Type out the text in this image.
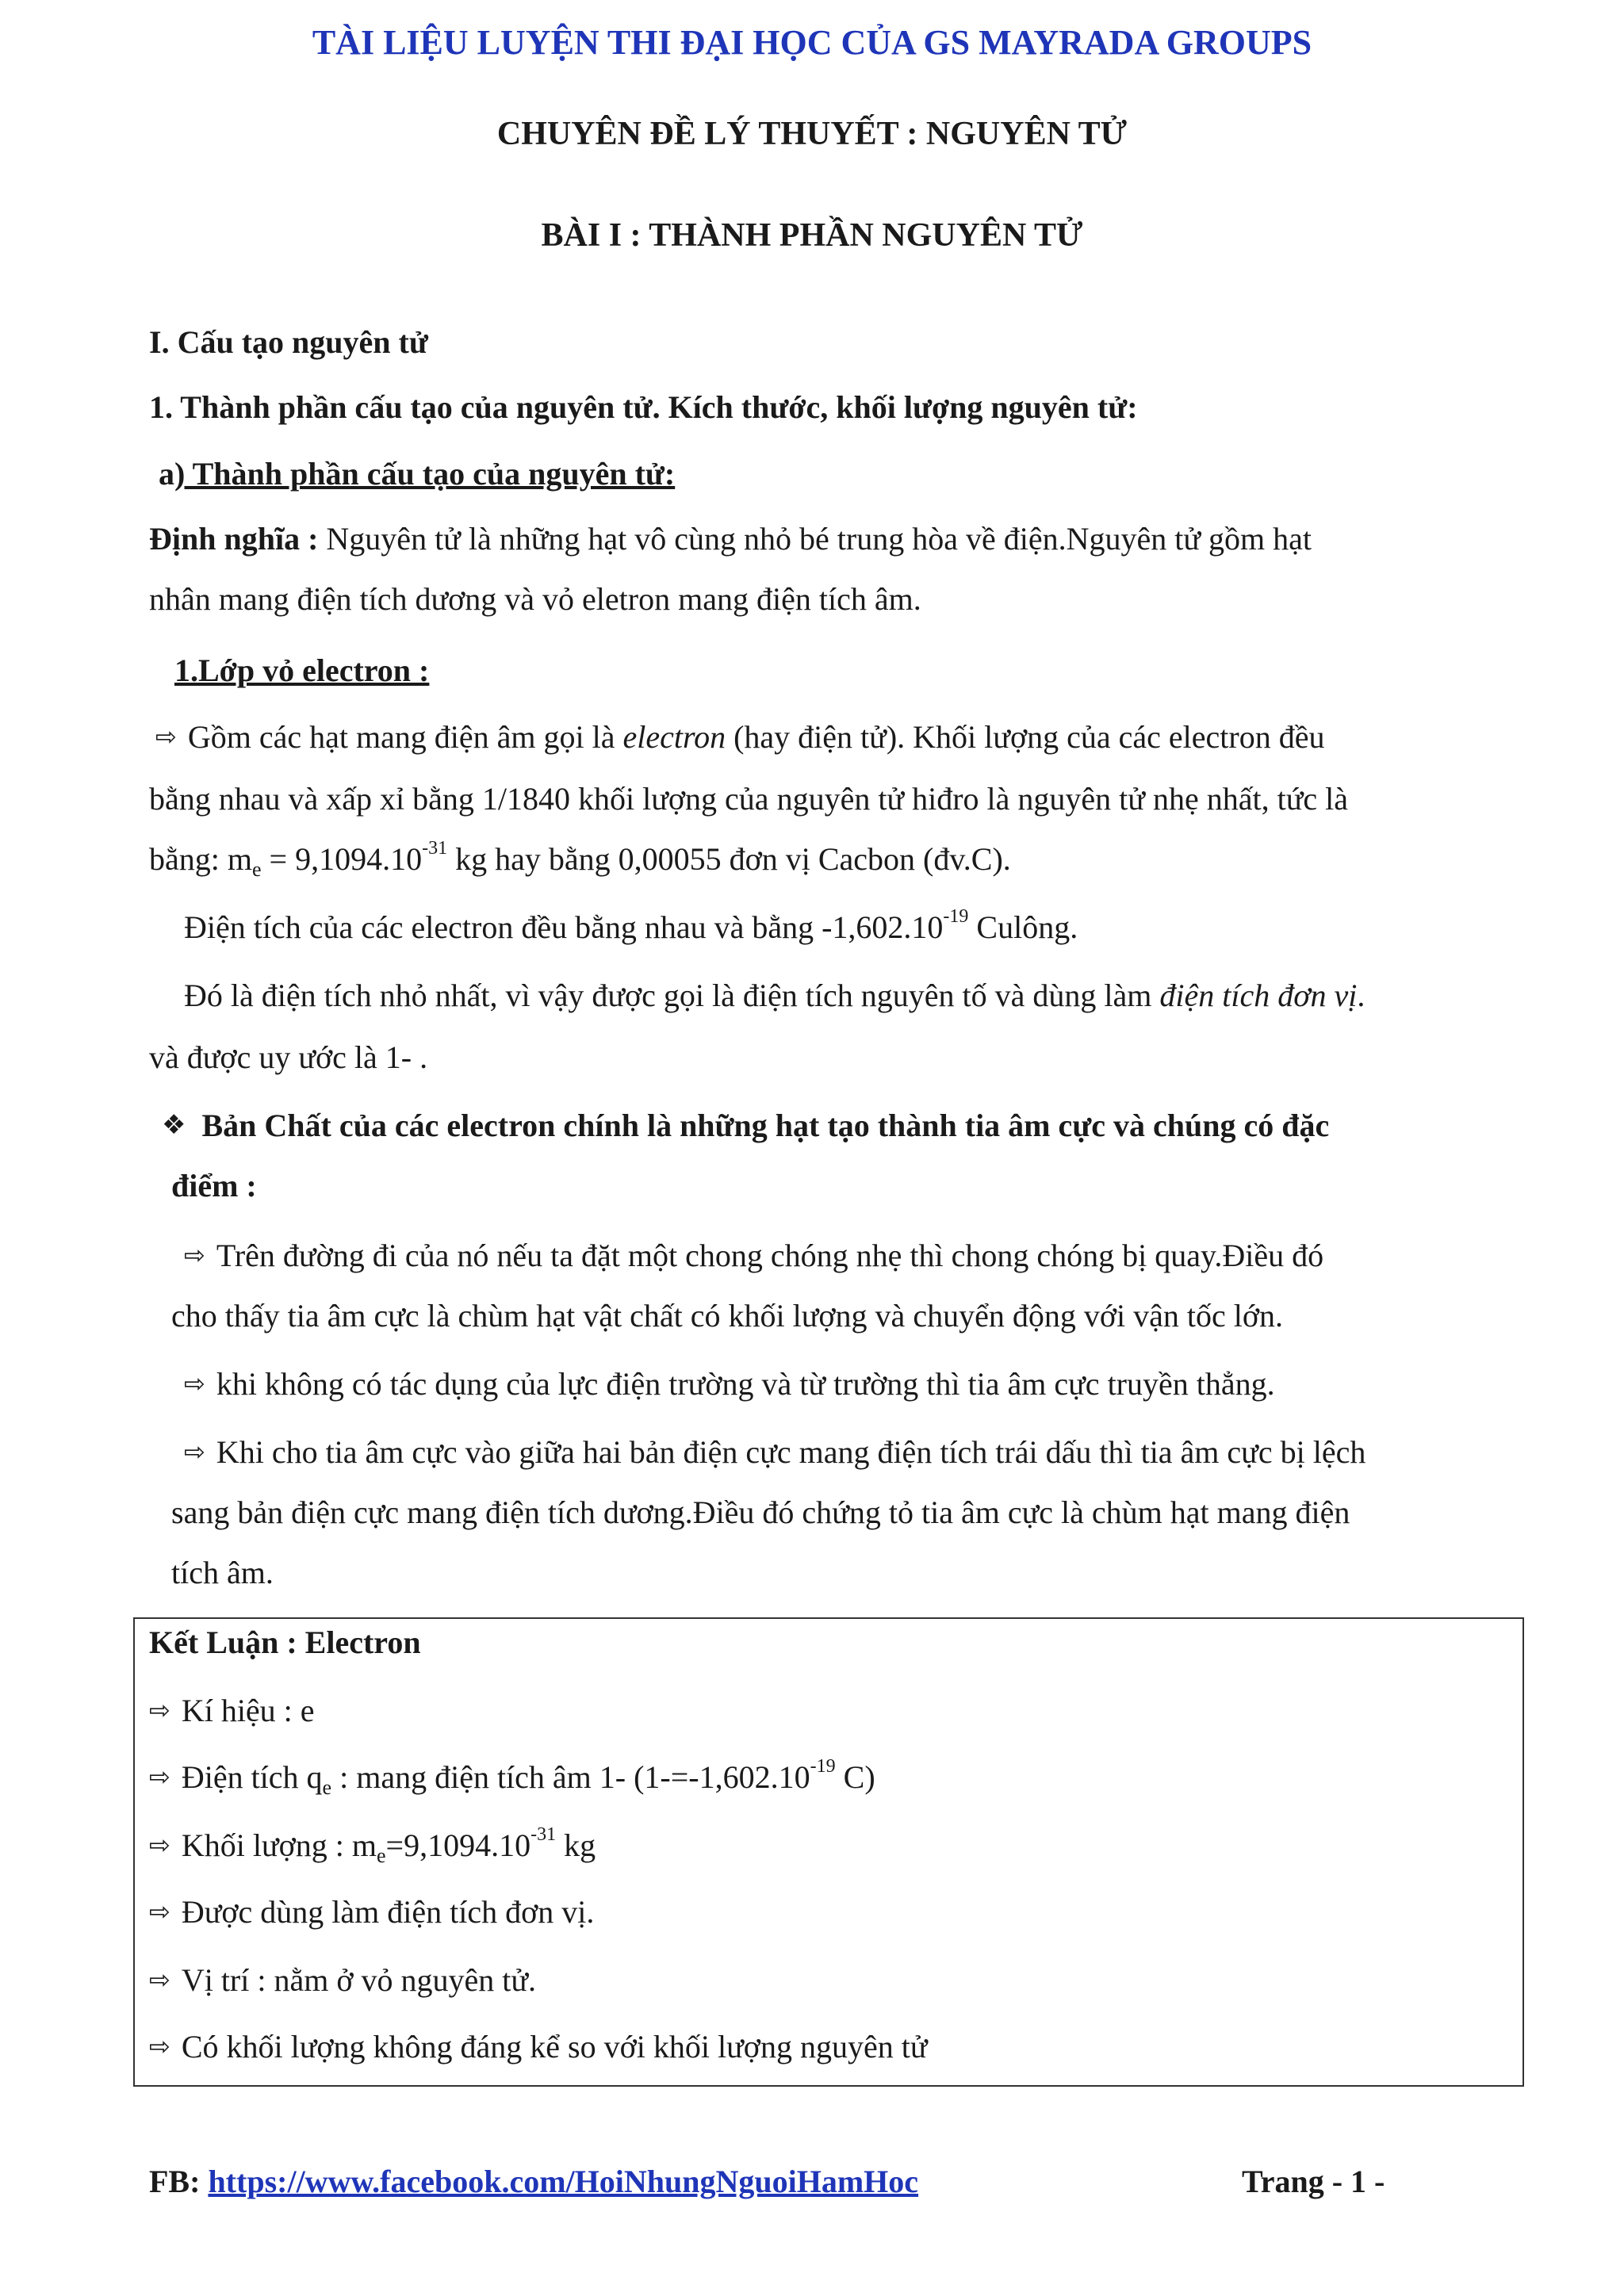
TÀI LIỆU LUYỆN THI ĐẠI HỌC CỦA GS MAYRADA GROUPS
CHUYÊN ĐỀ LÝ THUYẾT : NGUYÊN TỬ
BÀI I : THÀNH PHẦN NGUYÊN TỬ
I. Cấu tạo nguyên tử
1. Thành phần cấu tạo của nguyên tử. Kích thước, khối lượng nguyên tử:
a) Thành phần cấu tạo của nguyên tử:
Định nghĩa : Nguyên tử là những hạt vô cùng nhỏ bé trung hòa về điện.Nguyên tử gồm hạt
nhân mang điện tích dương và vỏ eletron mang điện tích âm.
1.Lớp vỏ electron :
⇨ Gồm các hạt mang điện âm gọi là electron (hay điện tử). Khối lượng của các electron đều
bằng nhau và xấp xỉ bằng 1/1840 khối lượng của nguyên tử hiđro là nguyên tử nhẹ nhất, tức là
bằng: $m_e = 9,1094.10^{-31}$ kg hay bằng 0,00055 đơn vị Cacbon (đv.C).
Điện tích của các electron đều bằng nhau và bằng $-1,602.10^{-19}$ Culông.
Đó là điện tích nhỏ nhất, vì vậy được gọi là điện tích nguyên tố và dùng làm điện tích đơn vị.
và được uy ước là 1- .
❖ Bản Chất của các electron chính là những hạt tạo thành tia âm cực và chúng có đặc
điểm :
⇨ Trên đường đi của nó nếu ta đặt một chong chóng nhẹ thì chong chóng bị quay.Điều đó
cho thấy tia âm cực là chùm hạt vật chất có khối lượng và chuyển động với vận tốc lớn.
⇨ khi không có tác dụng của lực điện trường và từ trường thì tia âm cực truyền thẳng.
⇨ Khi cho tia âm cực vào giữa hai bản điện cực mang điện tích trái dấu thì tia âm cực bị lệch
sang bản điện cực mang điện tích dương.Điều đó chứng tỏ tia âm cực là chùm hạt mang điện
tích âm.
Kết Luận : Electron
⇨ Kí hiệu : e
⇨ Điện tích $q_e$ : mang điện tích âm 1- ($1-=-1,602.10^{-19}$ C)
⇨ Khối lượng : $m_e=9,1094.10^{-31}$ kg
⇨ Được dùng làm điện tích đơn vị.
⇨ Vị trí : nằm ở vỏ nguyên tử.
⇨ Có khối lượng không đáng kể so với khối lượng nguyên tử
FB: https://www.facebook.com/HoiNhungNguoiHamHoc	Trang - 1 -
